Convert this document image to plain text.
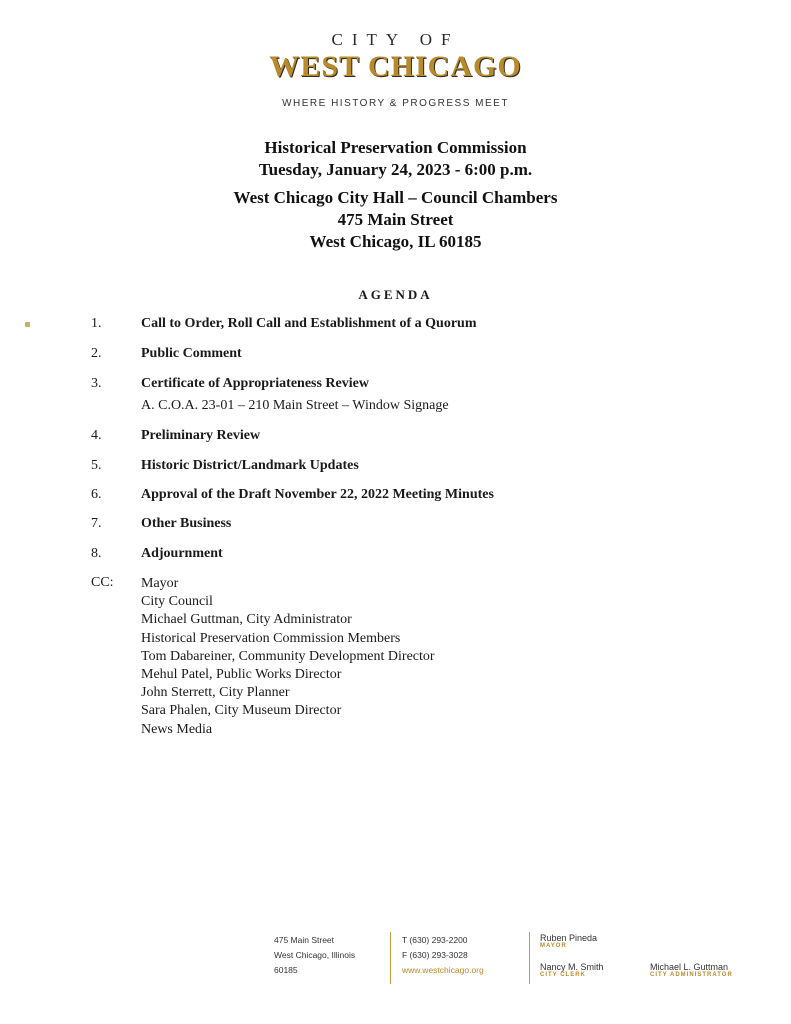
CITY OF
WEST CHICAGO
WHERE HISTORY & PROGRESS MEET
Historical Preservation Commission
Tuesday, January 24, 2023 - 6:00 p.m.
West Chicago City Hall – Council Chambers
475 Main Street
West Chicago, IL 60185
AGENDA
1.	Call to Order, Roll Call and Establishment of a Quorum
2.	Public Comment
3.	Certificate of Appropriateness Review
A. C.O.A. 23-01 – 210 Main Street – Window Signage
4.	Preliminary Review
5.	Historic District/Landmark Updates
6.	Approval of the Draft November 22, 2022 Meeting Minutes
7.	Other Business
8.	Adjournment
CC: Mayor
City Council
Michael Guttman, City Administrator
Historical Preservation Commission Members
Tom Dabareiner, Community Development Director
Mehul Patel, Public Works Director
John Sterrett, City Planner
Sara Phalen, City Museum Director
News Media
475 Main Street
West Chicago, Illinois
60185
T (630) 293-2200
F (630) 293-3028
www.westchicago.org
Ruben Pineda
MAYOR
Nancy M. Smith
CITY CLERK
Michael L. Guttman
CITY ADMINISTRATOR
